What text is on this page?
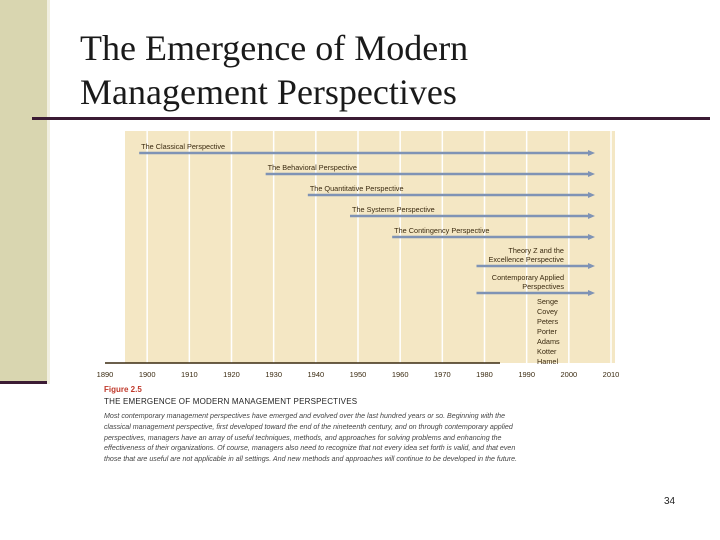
The Emergence of Modern
Management Perspectives
1890	1900	1910	1920	1930	1940	1950	1960	1970	1980	1990	2000	2010
The Classical Perspective
The Behavioral Perspective
The Quantitative Perspective
The Systems Perspective
The Contingency Perspective
Theory Z and the
Excellence Perspective
Contemporary Applied
Perspectives
Senge
Covey
Peters
Porter
Adams
Kotter
Hamel
Figure 2.5
THE EMERGENCE OF MODERN MANAGEMENT PERSPECTIVES
Most contemporary management perspectives have emerged and evolved over the last hundred years or so. Beginning with the
classical management perspective, first developed toward the end of the nineteenth century, and on through contemporary applied
perspectives, managers have an array of useful techniques, methods, and approaches for solving problems and enhancing the
effectiveness of their organizations. Of course, managers also need to recognize that not every idea set forth is valid, and that even
those that are useful are not applicable in all settings. And new methods and approaches will continue to be developed in the future.
34
